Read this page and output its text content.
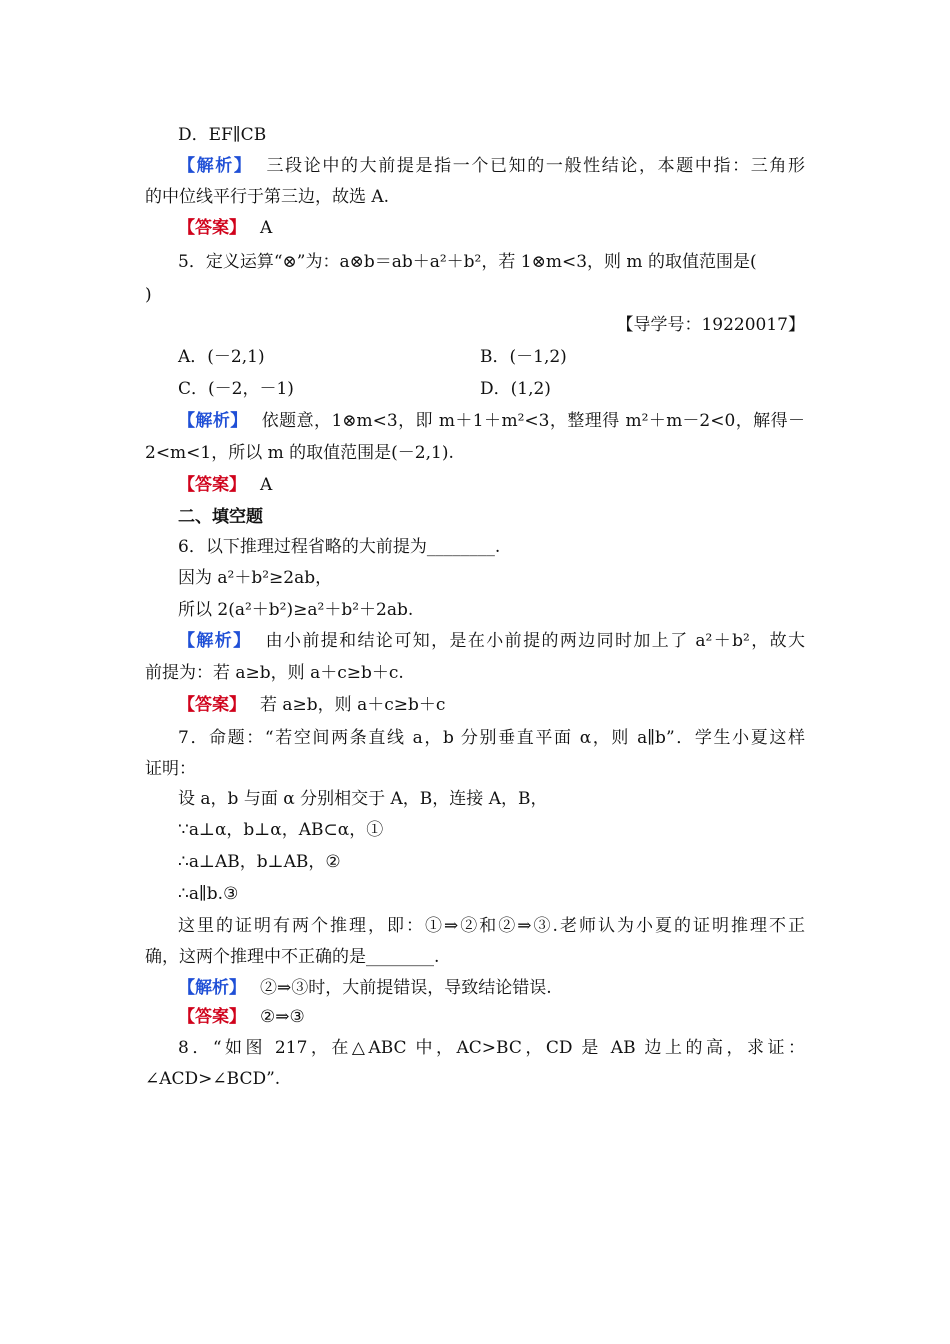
D．EF∥CB
【解析】 三段论中的大前提是指一个已知的一般性结论，本题中指：三角形
的中位线平行于第三边，故选 A.
【答案】 A
5．定义运算“⊗”为：a⊗b＝ab＋a²＋b²，若 1⊗m<3，则 m 的取值范围是(
)
【导学号：19220017】
A．(－2,1)	B．(－1,2)
C．(－2，－1)	D．(1,2)
【解析】 依题意，1⊗m<3，即 m＋1＋m²<3，整理得 m²＋m－2<0，解得－
2<m<1，所以 m 的取值范围是(－2,1).
【答案】 A
二、填空题
6．以下推理过程省略的大前提为________.
因为 a²＋b²≥2ab，
所以 2(a²＋b²)≥a²＋b²＋2ab.
【解析】 由小前提和结论可知，是在小前提的两边同时加上了 a²＋b²，故大
前提为：若 a≥b，则 a＋c≥b＋c.
【答案】 若 a≥b，则 a＋c≥b＋c
7．命题：“若空间两条直线 a，b 分别垂直平面 α，则 a∥b”．学生小夏这样
证明：
设 a，b 与面 α 分别相交于 A，B，连接 A，B，
∵a⊥α，b⊥α，AB⊂α，①
∴a⊥AB，b⊥AB，②
∴a∥b.③
这里的证明有两个推理，即：①⇒②和②⇒③.老师认为小夏的证明推理不正
确，这两个推理中不正确的是________.
【解析】 ②⇒③时，大前提错误，导致结论错误.
【答案】 ②⇒③
8．“如图 217，在△ABC 中，AC>BC，CD 是 AB 边上的高，求证：
∠ACD>∠BCD”.
